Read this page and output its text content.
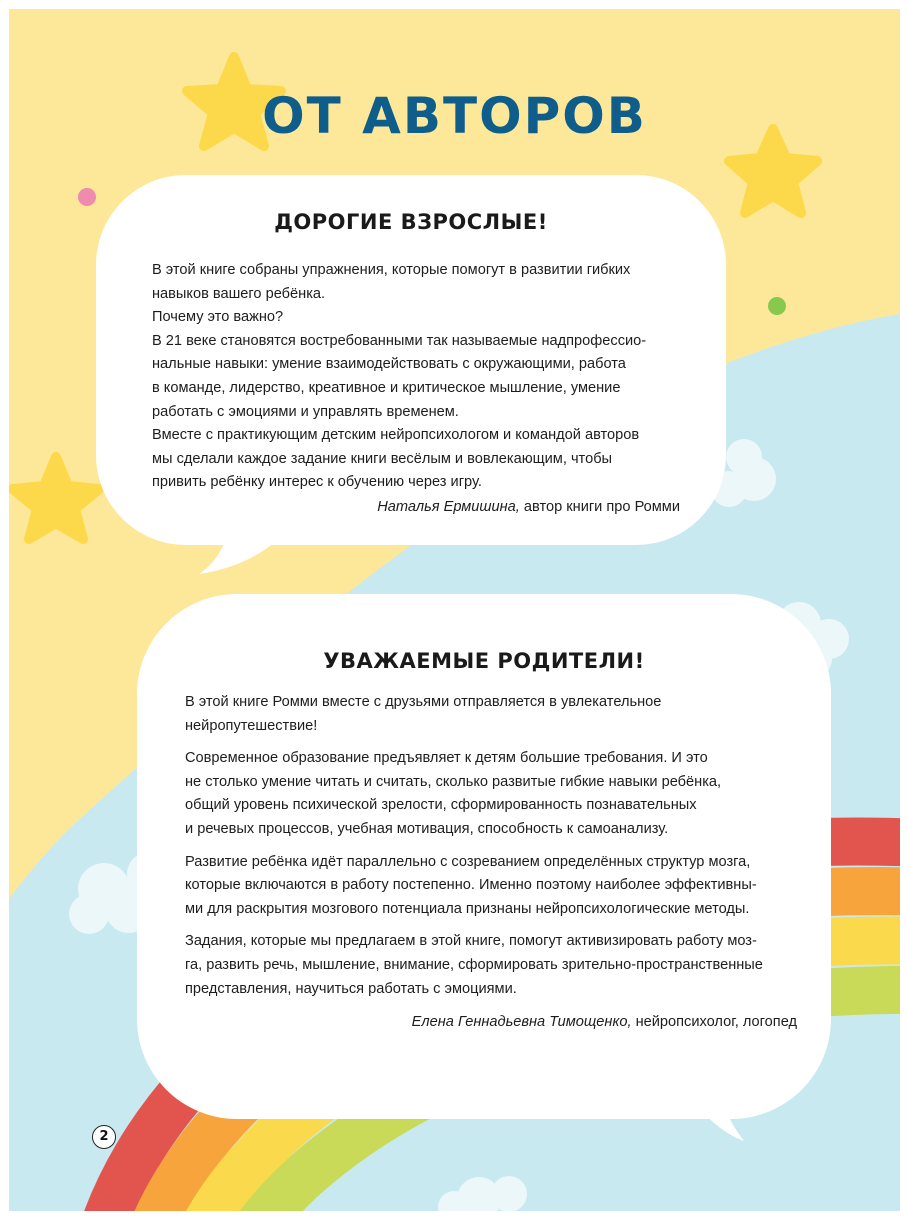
ОТ АВТОРОВ
ДОРОГИЕ ВЗРОСЛЫЕ!

В этой книге собраны упражнения, которые помогут в развитии гибких

навыков вашего ребёнка.

Почему это важно?

В 21 веке становятся востребованными так называемые надпрофессио-

нальные навыки: умение взаимодействовать с окружающими, работа

в команде, лидерство, креативное и критическое мышление, умение

работать с эмоциями и управлять временем.

Вместе с практикующим детским нейропсихологом и командой авторов

мы сделали каждое задание книги весёлым и вовлекающим, чтобы

привить ребёнку интерес к обучению через игру.

Наталья Ермишина, автор книги про Ромми
УВАЖАЕМЫЕ РОДИТЕЛИ!

В этой книге Ромми вместе с друзьями отправляется в увлекательное

нейропутешествие!

Современное образование предъявляет к детям большие требования. И это

не столько умение читать и считать, сколько развитые гибкие навыки ребёнка,

общий уровень психической зрелости, сформированность познавательных

и речевых процессов, учебная мотивация, способность к самоанализу.

Развитие ребёнка идёт параллельно с созреванием определённых структур мозга,

которые включаются в работу постепенно. Именно поэтому наиболее эффективны-

ми для раскрытия мозгового потенциала признаны нейропсихологические методы.

Задания, которые мы предлагаем в этой книге, помогут активизировать работу моз-

га, развить речь, мышление, внимание, сформировать зрительно-пространственные

представления, научиться работать с эмоциями.

Елена Геннадьевна Тимощенко, нейропсихолог, логопед
2
